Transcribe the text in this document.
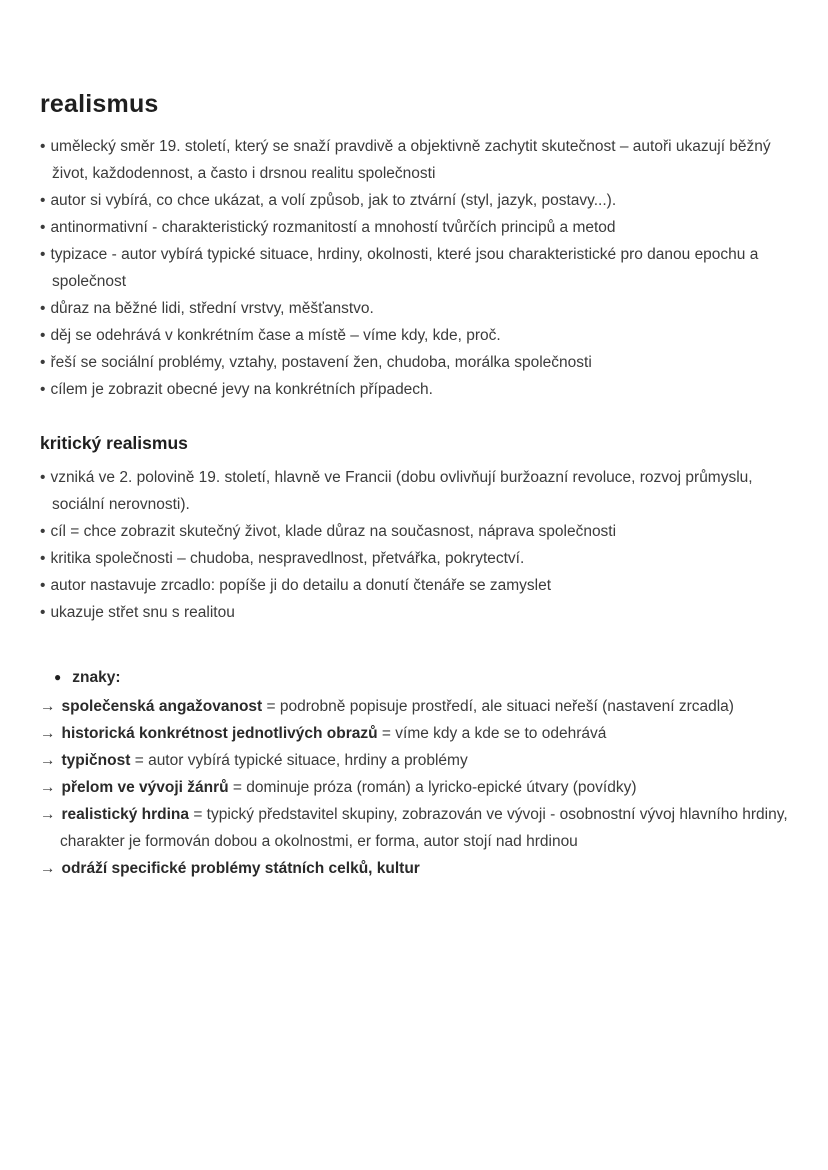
realismus
• umělecký směr 19. století, který se snaží pravdivě a objektivně zachytit skutečnost – autoři ukazují běžný život, každodennost, a často i drsnou realitu společnosti
• autor si vybírá, co chce ukázat, a volí způsob, jak to ztvární (styl, jazyk, postavy...).
• antinormativní - charakteristický rozmanitostí a mnohostí tvůrčích principů a metod
• typizace - autor vybírá typické situace, hrdiny, okolnosti, které jsou charakteristické pro danou epochu a společnost
• důraz na běžné lidi, střední vrstvy, měšťanstvo.
• děj se odehrává v konkrétním čase a místě – víme kdy, kde, proč.
• řeší se sociální problémy, vztahy, postavení žen, chudoba, morálka společnosti
• cílem je zobrazit obecné jevy na konkrétních případech.
kritický realismus
• vzniká ve 2. polovině 19. století, hlavně ve Francii (dobu ovlivňují buržoazní revoluce, rozvoj průmyslu, sociální nerovnosti).
• cíl = chce zobrazit skutečný život, klade důraz na současnost, náprava společnosti
• kritika společnosti – chudoba, nespravedlnost, přetvářka, pokrytectví.
• autor nastavuje zrcadlo: popíše ji do detailu a donutí čtenáře se zamyslet
• ukazuje střet snu s realitou
● znaky:
→ společenská angažovanost = podrobně popisuje prostředí, ale situaci neřeší (nastavení zrcadla)
→ historická konkrétnost jednotlivých obrazů = víme kdy a kde se to odehrává
→ typičnost = autor vybírá typické situace, hrdiny a problémy
→ přelom ve vývoji žánrů = dominuje próza (román) a lyricko-epické útvary (povídky)
→ realistický hrdina = typický představitel skupiny, zobrazován ve vývoji - osobnostní vývoj hlavního hrdiny, charakter je formován dobou a okolnostmi, er forma, autor stojí nad hrdinou
→ odráží specifické problémy státních celků, kultur
